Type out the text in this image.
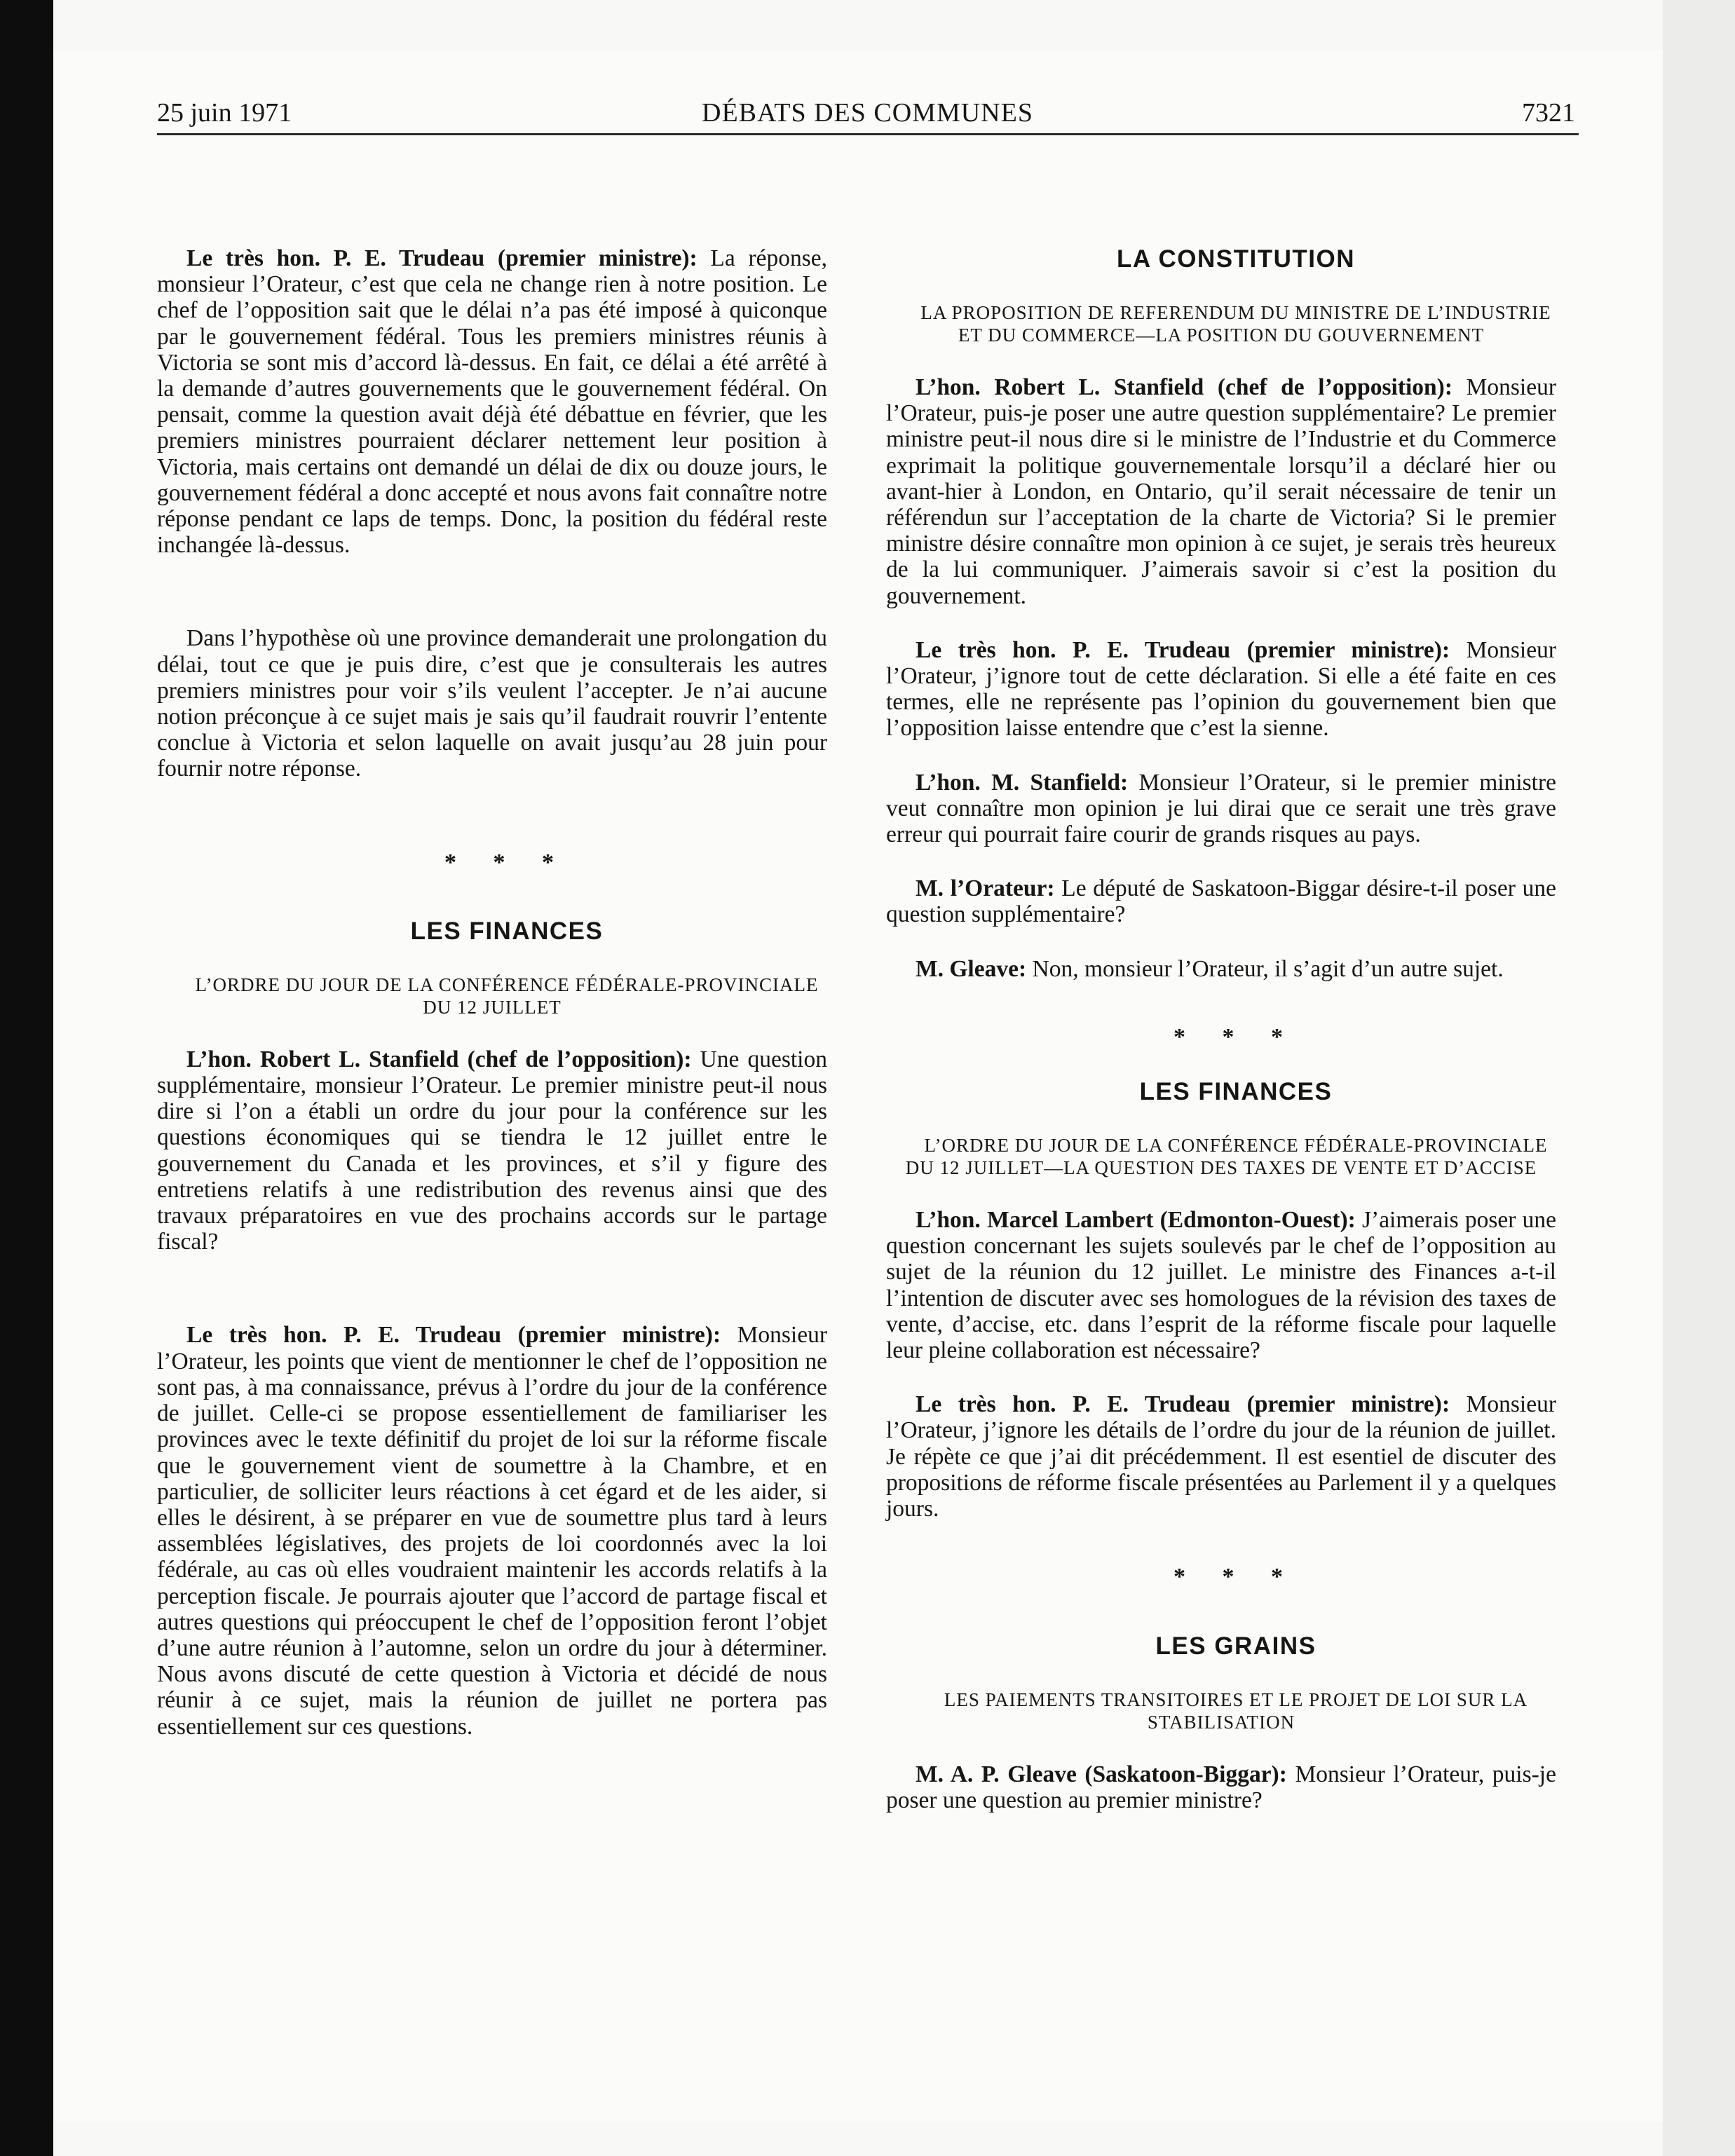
25 juin 1971	DÉBATS DES COMMUNES	7321

Le très hon. P. E. Trudeau (premier ministre): La réponse, monsieur l’Orateur, c’est que cela ne change rien à notre position. Le chef de l’opposition sait que le délai n’a pas été imposé à quiconque par le gouvernement fédéral. Tous les premiers ministres réunis à Victoria se sont mis d’accord là-dessus. En fait, ce délai a été arrêté à la demande d’autres gouvernements que le gouvernement fédéral. On pensait, comme la question avait déjà été débattue en février, que les premiers ministres pourraient déclarer nettement leur position à Victoria, mais certains ont demandé un délai de dix ou douze jours, le gouvernement fédéral a donc accepté et nous avons fait connaître notre réponse pendant ce laps de temps. Donc, la position du fédéral reste inchangée là-dessus.

Dans l’hypothèse où une province demanderait une prolongation du délai, tout ce que je puis dire, c’est que je consulterais les autres premiers ministres pour voir s’ils veulent l’accepter. Je n’ai aucune notion préconçue à ce sujet mais je sais qu’il faudrait rouvrir l’entente conclue à Victoria et selon laquelle on avait jusqu’au 28 juin pour fournir notre réponse.

* * *

LES FINANCES

L’ORDRE DU JOUR DE LA CONFÉRENCE FÉDÉRALE-PROVINCIALE DU 12 JUILLET

L’hon. Robert L. Stanfield (chef de l’opposition): Une question supplémentaire, monsieur l’Orateur. Le premier ministre peut-il nous dire si l’on a établi un ordre du jour pour la conférence sur les questions économiques qui se tiendra le 12 juillet entre le gouvernement du Canada et les provinces, et s’il y figure des entretiens relatifs à une redistribution des revenus ainsi que des travaux préparatoires en vue des prochains accords sur le partage fiscal?

Le très hon. P. E. Trudeau (premier ministre): Monsieur l’Orateur, les points que vient de mentionner le chef de l’opposition ne sont pas, à ma connaissance, prévus à l’ordre du jour de la conférence de juillet. Celle-ci se propose essentiellement de familiariser les provinces avec le texte définitif du projet de loi sur la réforme fiscale que le gouvernement vient de soumettre à la Chambre, et en particulier, de solliciter leurs réactions à cet égard et de les aider, si elles le désirent, à se préparer en vue de soumettre plus tard à leurs assemblées législatives, des projets de loi coordonnés avec la loi fédérale, au cas où elles voudraient maintenir les accords relatifs à la perception fiscale. Je pourrais ajouter que l’accord de partage fiscal et autres questions qui préoccupent le chef de l’opposition feront l’objet d’une autre réunion à l’automne, selon un ordre du jour à déterminer. Nous avons discuté de cette question à Victoria et décidé de nous réunir à ce sujet, mais la réunion de juillet ne portera pas essentiellement sur ces questions.

LA CONSTITUTION

LA PROPOSITION DE REFERENDUM DU MINISTRE DE L’INDUSTRIE ET DU COMMERCE—LA POSITION DU GOUVERNEMENT

L’hon. Robert L. Stanfield (chef de l’opposition): Monsieur l’Orateur, puis-je poser une autre question supplémentaire? Le premier ministre peut-il nous dire si le ministre de l’Industrie et du Commerce exprimait la politique gouvernementale lorsqu’il a déclaré hier ou avant-hier à London, en Ontario, qu’il serait nécessaire de tenir un référendun sur l’acceptation de la charte de Victoria? Si le premier ministre désire connaître mon opinion à ce sujet, je serais très heureux de la lui communiquer. J’aimerais savoir si c’est la position du gouvernement.

Le très hon. P. E. Trudeau (premier ministre): Monsieur l’Orateur, j’ignore tout de cette déclaration. Si elle a été faite en ces termes, elle ne représente pas l’opinion du gouvernement bien que l’opposition laisse entendre que c’est la sienne.

L’hon. M. Stanfield: Monsieur l’Orateur, si le premier ministre veut connaître mon opinion je lui dirai que ce serait une très grave erreur qui pourrait faire courir de grands risques au pays.

M. l’Orateur: Le député de Saskatoon-Biggar désire-t-il poser une question supplémentaire?

M. Gleave: Non, monsieur l’Orateur, il s’agit d’un autre sujet.

* * *

LES FINANCES

L’ORDRE DU JOUR DE LA CONFÉRENCE FÉDÉRALE-PROVINCIALE DU 12 JUILLET—LA QUESTION DES TAXES DE VENTE ET D’ACCISE

L’hon. Marcel Lambert (Edmonton-Ouest): J’aimerais poser une question concernant les sujets soulevés par le chef de l’opposition au sujet de la réunion du 12 juillet. Le ministre des Finances a-t-il l’intention de discuter avec ses homologues de la révision des taxes de vente, d’accise, etc. dans l’esprit de la réforme fiscale pour laquelle leur pleine collaboration est nécessaire?

Le très hon. P. E. Trudeau (premier ministre): Monsieur l’Orateur, j’ignore les détails de l’ordre du jour de la réunion de juillet. Je répète ce que j’ai dit précédemment. Il est esentiel de discuter des propositions de réforme fiscale présentées au Parlement il y a quelques jours.

* * *

LES GRAINS

LES PAIEMENTS TRANSITOIRES ET LE PROJET DE LOI SUR LA STABILISATION

M. A. P. Gleave (Saskatoon-Biggar): Monsieur l’Orateur, puis-je poser une question au premier ministre?
